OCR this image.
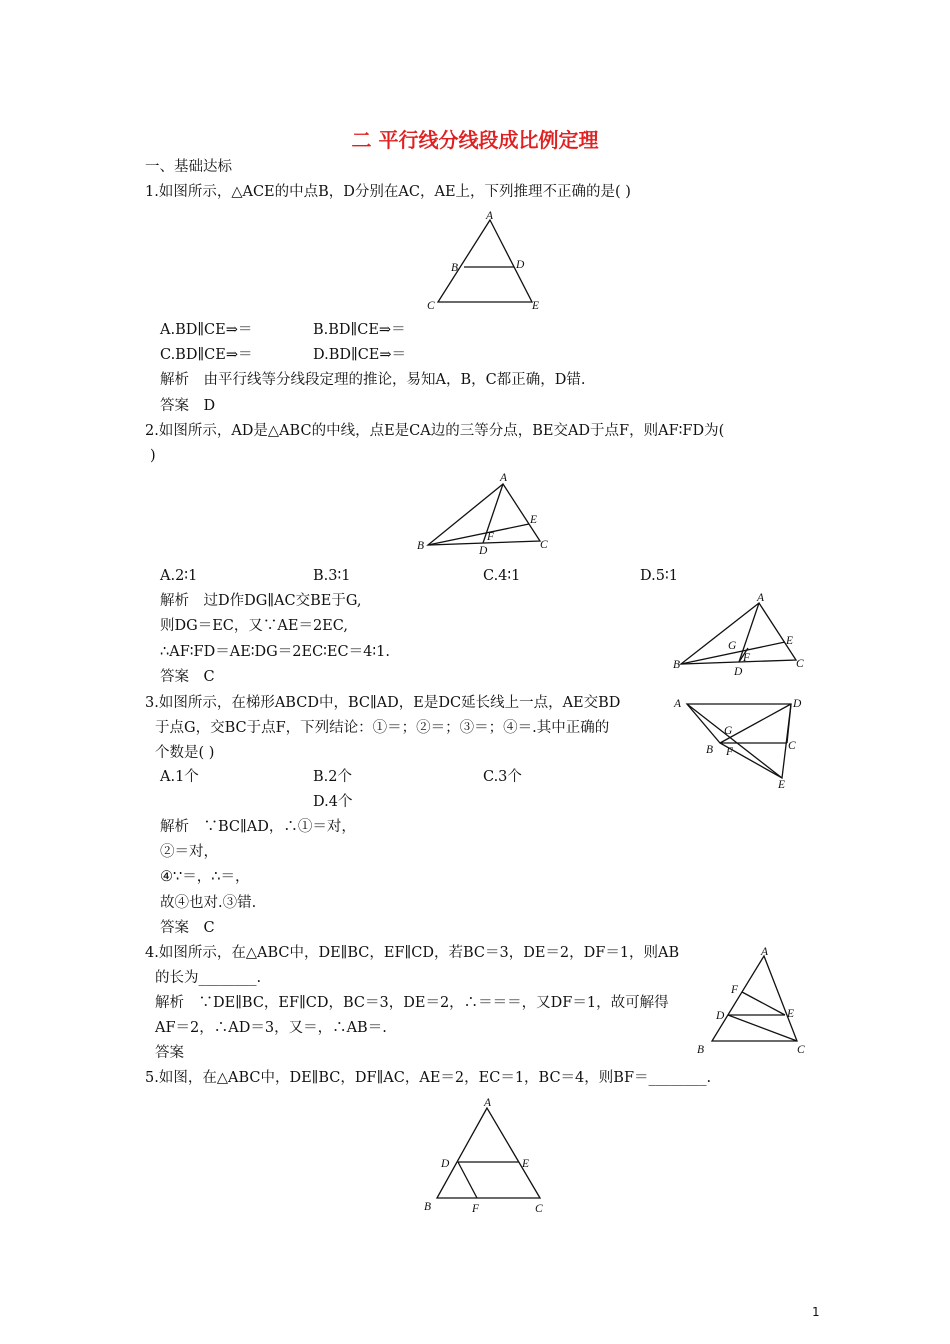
二 平行线分线段成比例定理
一、基础达标
1.如图所示，△ACE的中点B，D分别在AC，AE上，下列推理不正确的是( )
A
B	D
C	E
A.BD∥CE⇒＝	B.BD∥CE⇒＝
C.BD∥CE⇒＝	D.BD∥CE⇒＝
解析　由平行线等分线段定理的推论，易知A，B，C都正确，D错.
答案　D
2.如图所示，AD是△ABC的中线，点E是CA边的三等分点，BE交AD于点F，则AF∶FD为(
)
A
B	C
D
E
F
A.2∶1	B.3∶1	C.4∶1	D.5∶1
解析　过D作DG∥AC交BE于G,
则DG＝EC，又∵AE＝2EC,
∴AF∶FD＝AE∶DG＝2EC∶EC＝4∶1.
答案　C
A
B	C
D
E
F
G
3.如图所示，在梯形ABCD中，BC∥AD，E是DC延长线上一点，AE交BD
于点G，交BC于点F，下列结论：①＝；②＝；③＝；④＝.其中正确的
个数是( )
A	D
B F
G
C
E
A.1个	B.2个	C.3个
D.4个
解析　∵BC∥AD，∴①＝对，
②＝对，
④∵＝，∴＝，
故④也对.③错.
答案　C
4.如图所示，在△ABC中，DE∥BC，EF∥CD，若BC＝3，DE＝2，DF＝1，则AB
的长为________.
解析　∵DE∥BC，EF∥CD，BC＝3，DE＝2，∴＝＝＝，又DF＝1，故可解得
AF＝2，∴AD＝3，又＝，∴AB＝.
答案
A
F
D	E
B	C
5.如图，在△ABC中，DE∥BC，DF∥AC，AE＝2，EC＝1，BC＝4，则BF＝________.
A
D	E
B	F	C
1
